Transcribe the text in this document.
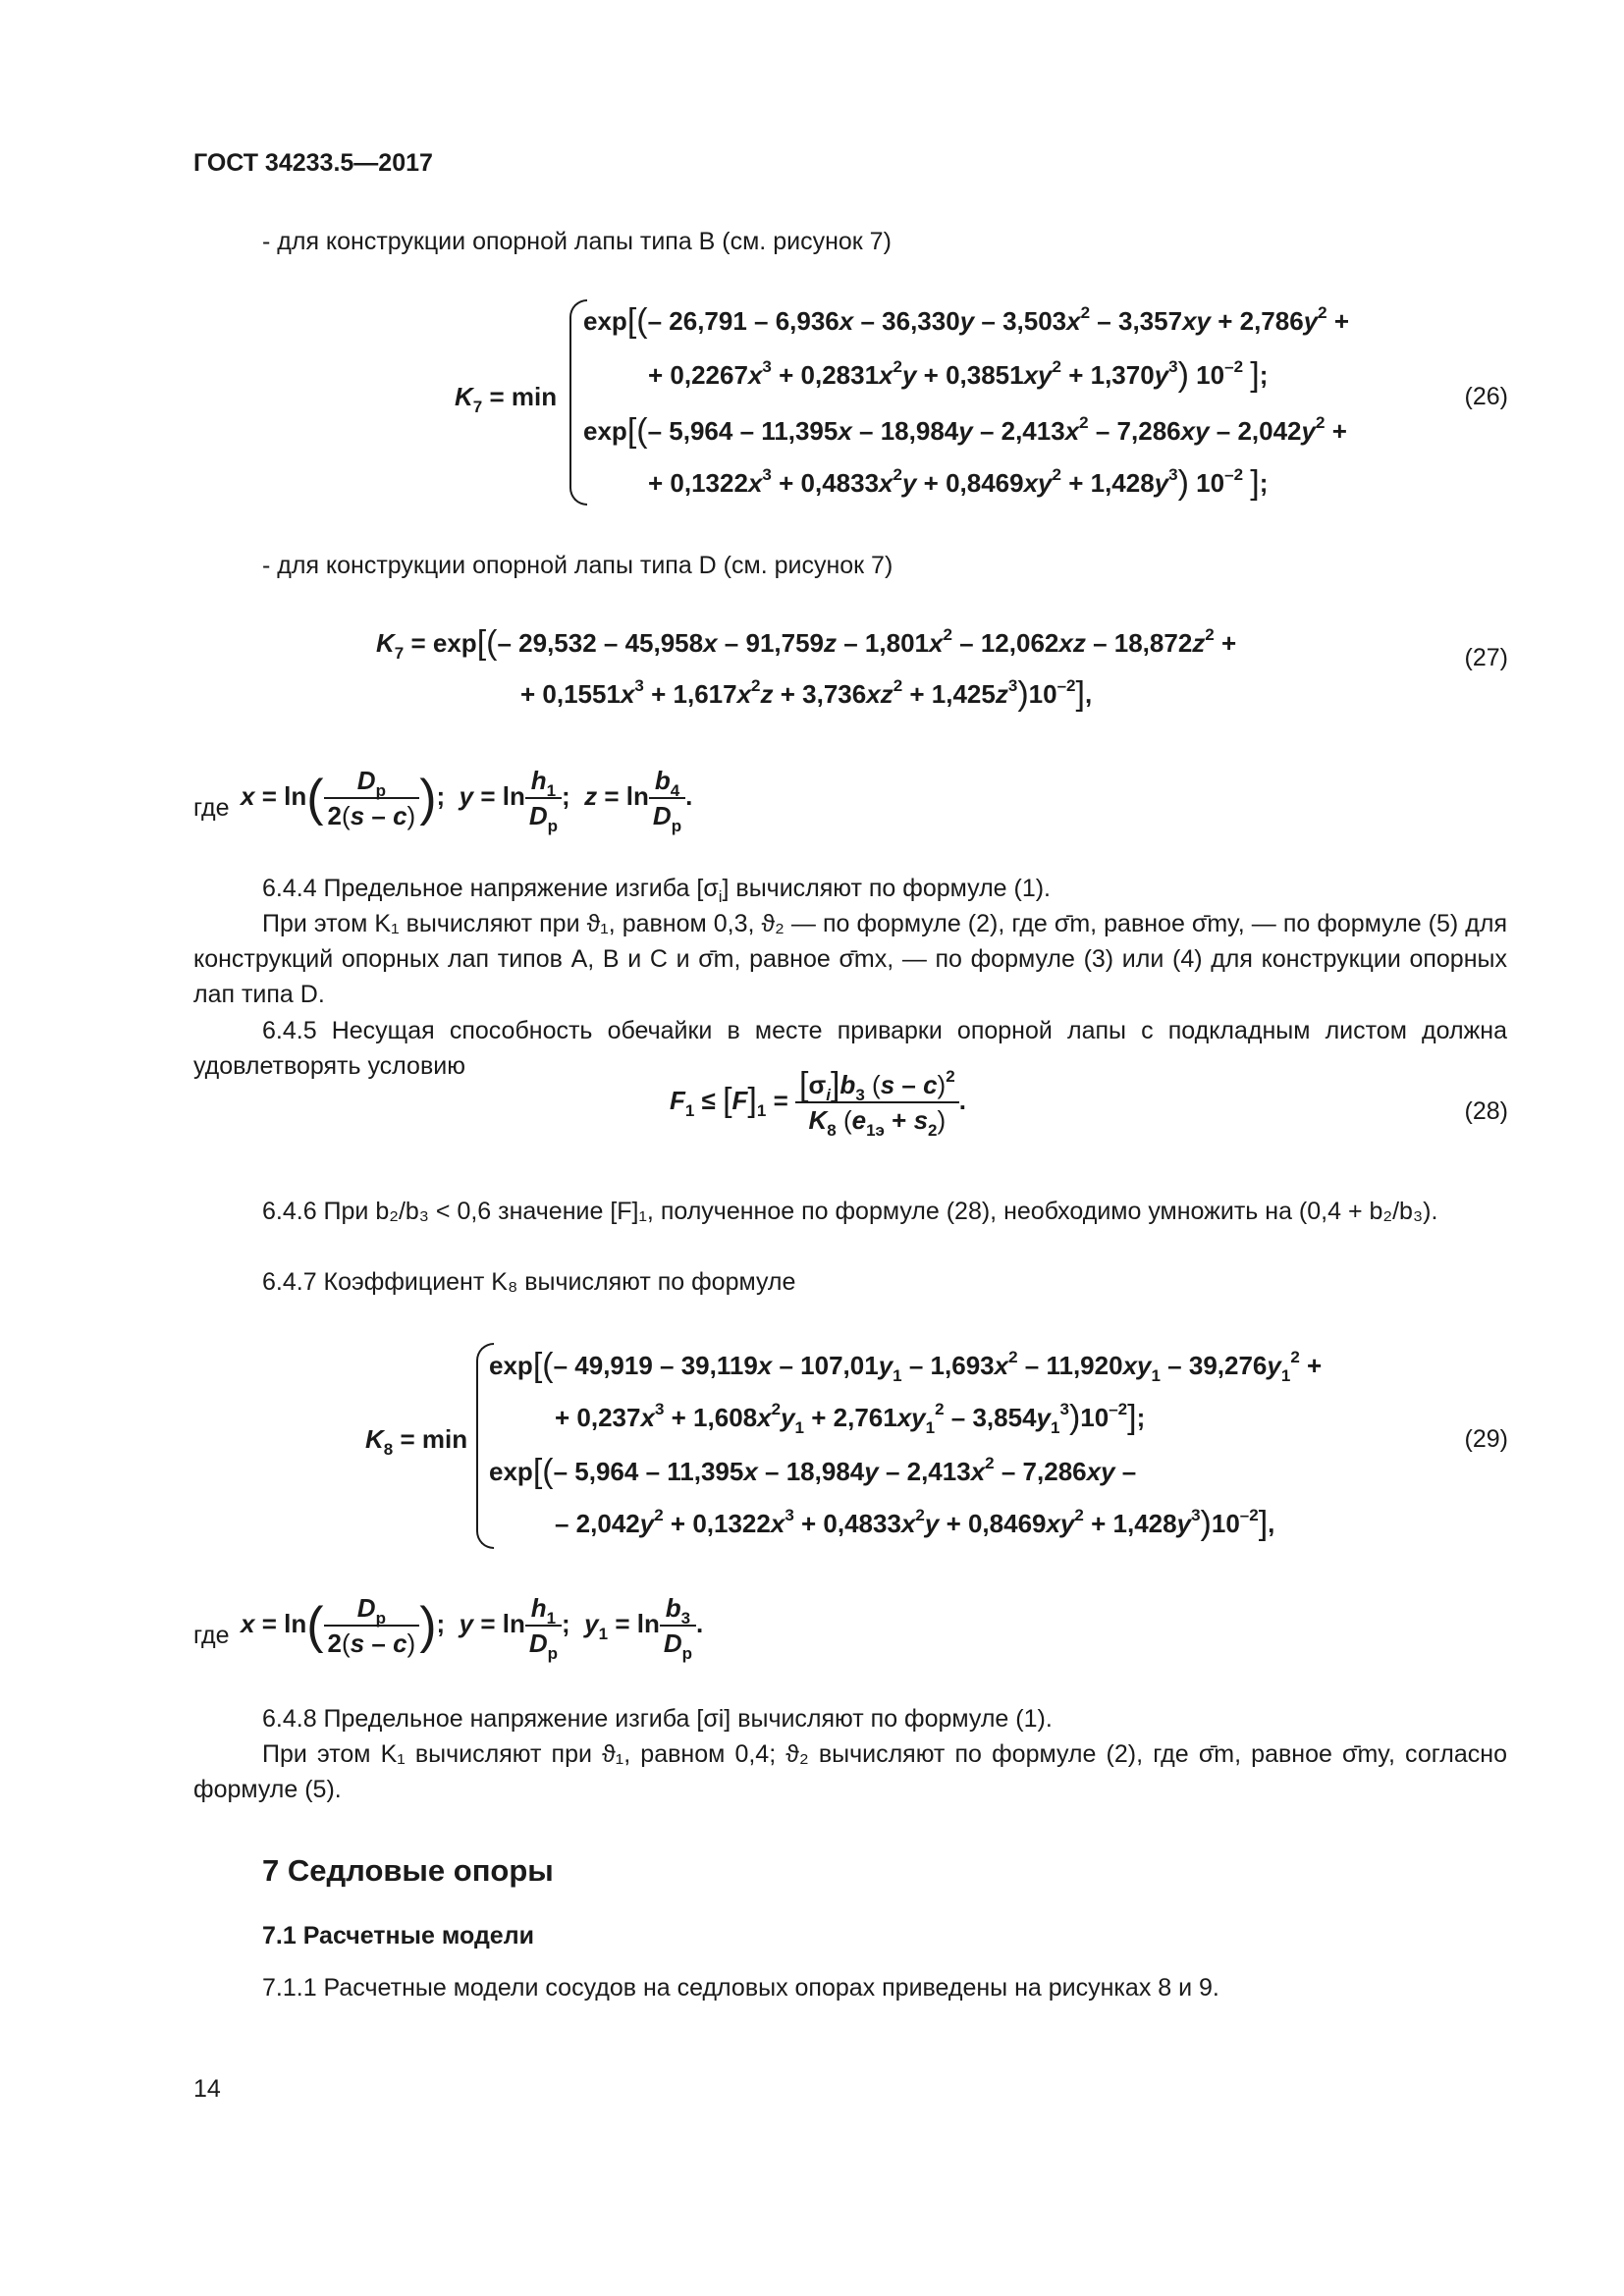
ГОСТ 34233.5—2017
- для конструкции опорной лапы типа В (см. рисунок 7)
$K_7 = \min$
exp[(– $26,791 - 6,936x - 36,330y - 3,503x^2 - 3,357xy + 2,786y^2$ +
+ $0,2267x^3 + 0,2831x^2y + 0,3851xy^2 + 1,370y^3$) $10^{-2}$ ];
exp[(– $5,964 - 11,395x - 18,984y - 2,413x^2 - 7,286xy - 2,042y^2$ +
+ $0,1322x^3 + 0,4833x^2y + 0,8469xy^2 + 1,428y^3$) $10^{-2}$ ];
(26)
- для конструкции опорной лапы типа D (см. рисунок 7)
$K_7 = \exp[(-$ $29,532 - 45,958x - 91,759z - 1,801x^2 - 12,062xz - 18,872z^2$ +
+ $0,1551x^3 + 1,617x^2z + 3,736xz^2 + 1,425z^3)10^{-2}$],
(27)
где $x = \ln( \frac{D_p}{2(s - c)}$ );  $y = \ln \frac{h_1}{D_p}$ ;  $z = \ln \frac{b_4}{D_p}$ .
6.4.4 Предельное напряжение изгиба $[\sigma_i]$ вычисляют по формуле (1).
При этом K₁ вычисляют при ϑ₁, равном 0,3, ϑ₂ — по формуле (2), где σ̄m, равное σ̄my, — по формуле (5) для конструкций опорных лап типов A, B и C и σ̄m, равное σ̄mx, — по формуле (3) или (4) для конструкции опорных лап типа D.
6.4.5 Несущая способность обечайки в месте приварки опорной лапы с подкладным листом должна удовлетворять условию
$F_1 \le [F]_1 = \frac{[\sigma_i]b_3 (s - c)^2}{K_8 (e_{1э} + s_2)}$ .	(28)
6.4.6 При b₂/b₃ < 0,6 значение [F]₁, полученное по формуле (28), необходимо умножить на (0,4 + b₂/b₃).
6.4.7 Коэффициент K₈ вычисляют по формуле
$K_8 = \min$
exp[(– $49,919 - 39,119x - 107,01y_1 - 1,693x^2 - 11,920xy_1 - 39,276y_1^2$ +
+ $0,237x^3 + 1,608x^2y_1 + 2,761xy_1^2 - 3,854y_1^3)10^{-2}$];
exp[(– $5,964 - 11,395x - 18,984y - 2,413x^2 - 7,286xy$ –
– $2,042y^2 + 0,1322x^3 + 0,4833x^2y + 0,8469xy^2 + 1,428y^3)10^{-2}$],
(29)
где $x = \ln( \frac{D_p}{2(s - c)}$ );  $y = \ln \frac{h_1}{D_p}$ ;  $y_1 = \ln \frac{b_3}{D_p}$ .
6.4.8 Предельное напряжение изгиба [σi] вычисляют по формуле (1).
При этом K₁ вычисляют при ϑ₁, равном 0,4; ϑ₂ вычисляют по формуле (2), где σ̄m, равное σ̄my, согласно формуле (5).
7 Седловые опоры
7.1 Расчетные модели
7.1.1 Расчетные модели сосудов на седловых опорах приведены на рисунках 8 и 9.
14
